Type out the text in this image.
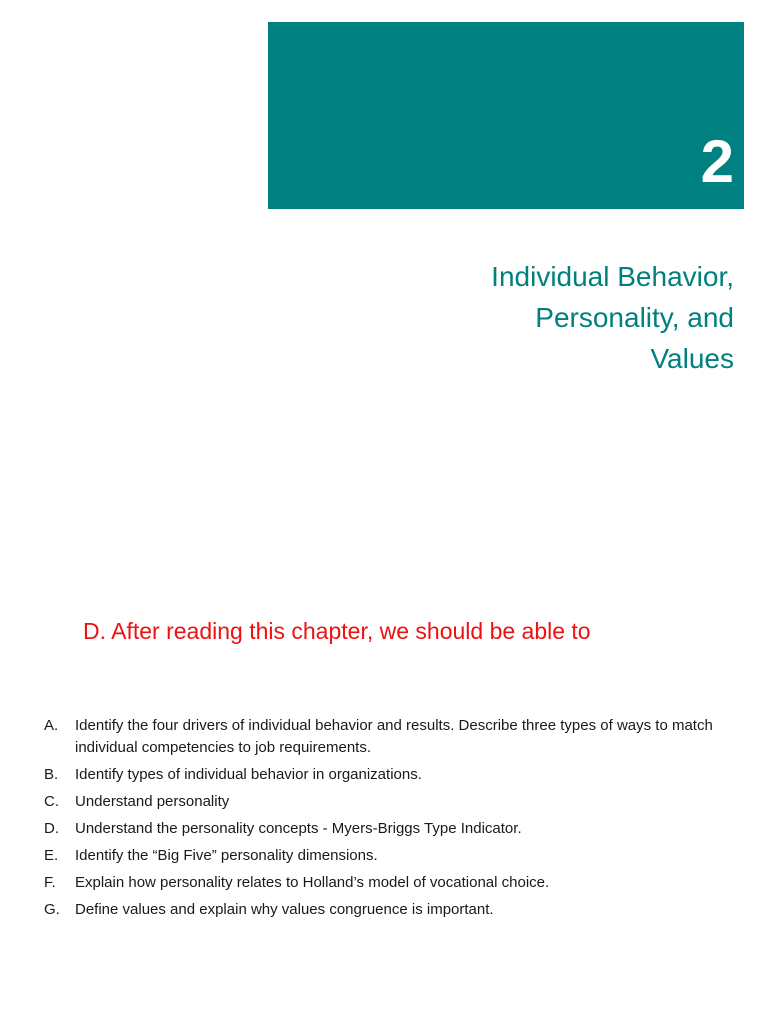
2
Individual Behavior,
Personality, and
Values
D. After reading this chapter, we should be able to
A.	Identify the four drivers of individual behavior and results. Describe three types of ways to match individual competencies to job requirements.
B.	Identify types of individual behavior in organizations.
C.	Understand personality
D.	Understand the personality concepts - Myers-Briggs Type Indicator.
E.	Identify the “Big Five” personality dimensions.
F.	Explain how personality relates to Holland’s model of vocational choice.
G.	Define values and explain why values congruence is important.
